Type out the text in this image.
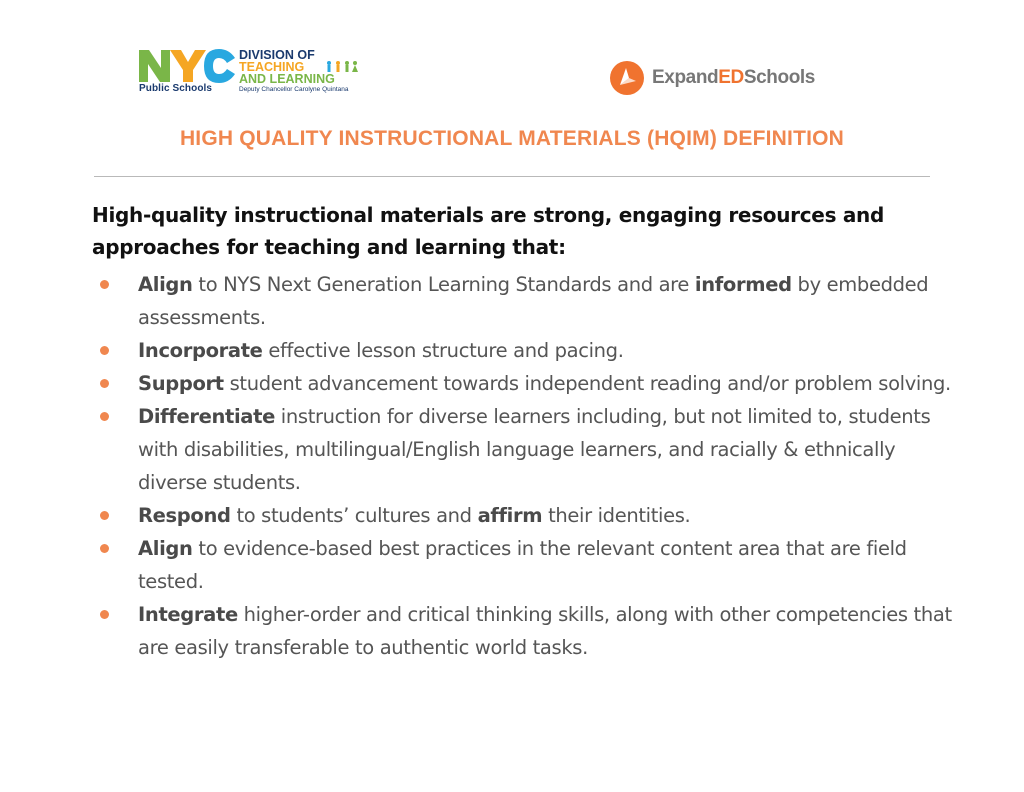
Public Schools
DIVISION OF
TEACHING
AND LEARNING
Deputy Chancellor Carolyne Quintana
ExpandEDSchools
HIGH QUALITY INSTRUCTIONAL MATERIALS (HQIM) DEFINITION
High-quality instructional materials are strong, engaging resources and approaches for teaching and learning that:
Align to NYS Next Generation Learning Standards and are informed by embedded assessments.
Incorporate effective lesson structure and pacing.
Support student advancement towards independent reading and/or problem solving.
Differentiate instruction for diverse learners including, but not limited to, students with disabilities, multilingual/English language learners, and racially & ethnically diverse students.
Respond to students’ cultures and affirm their identities.
Align to evidence-based best practices in the relevant content area that are field tested.
Integrate higher-order and critical thinking skills, along with other competencies that are easily transferable to authentic world tasks.
